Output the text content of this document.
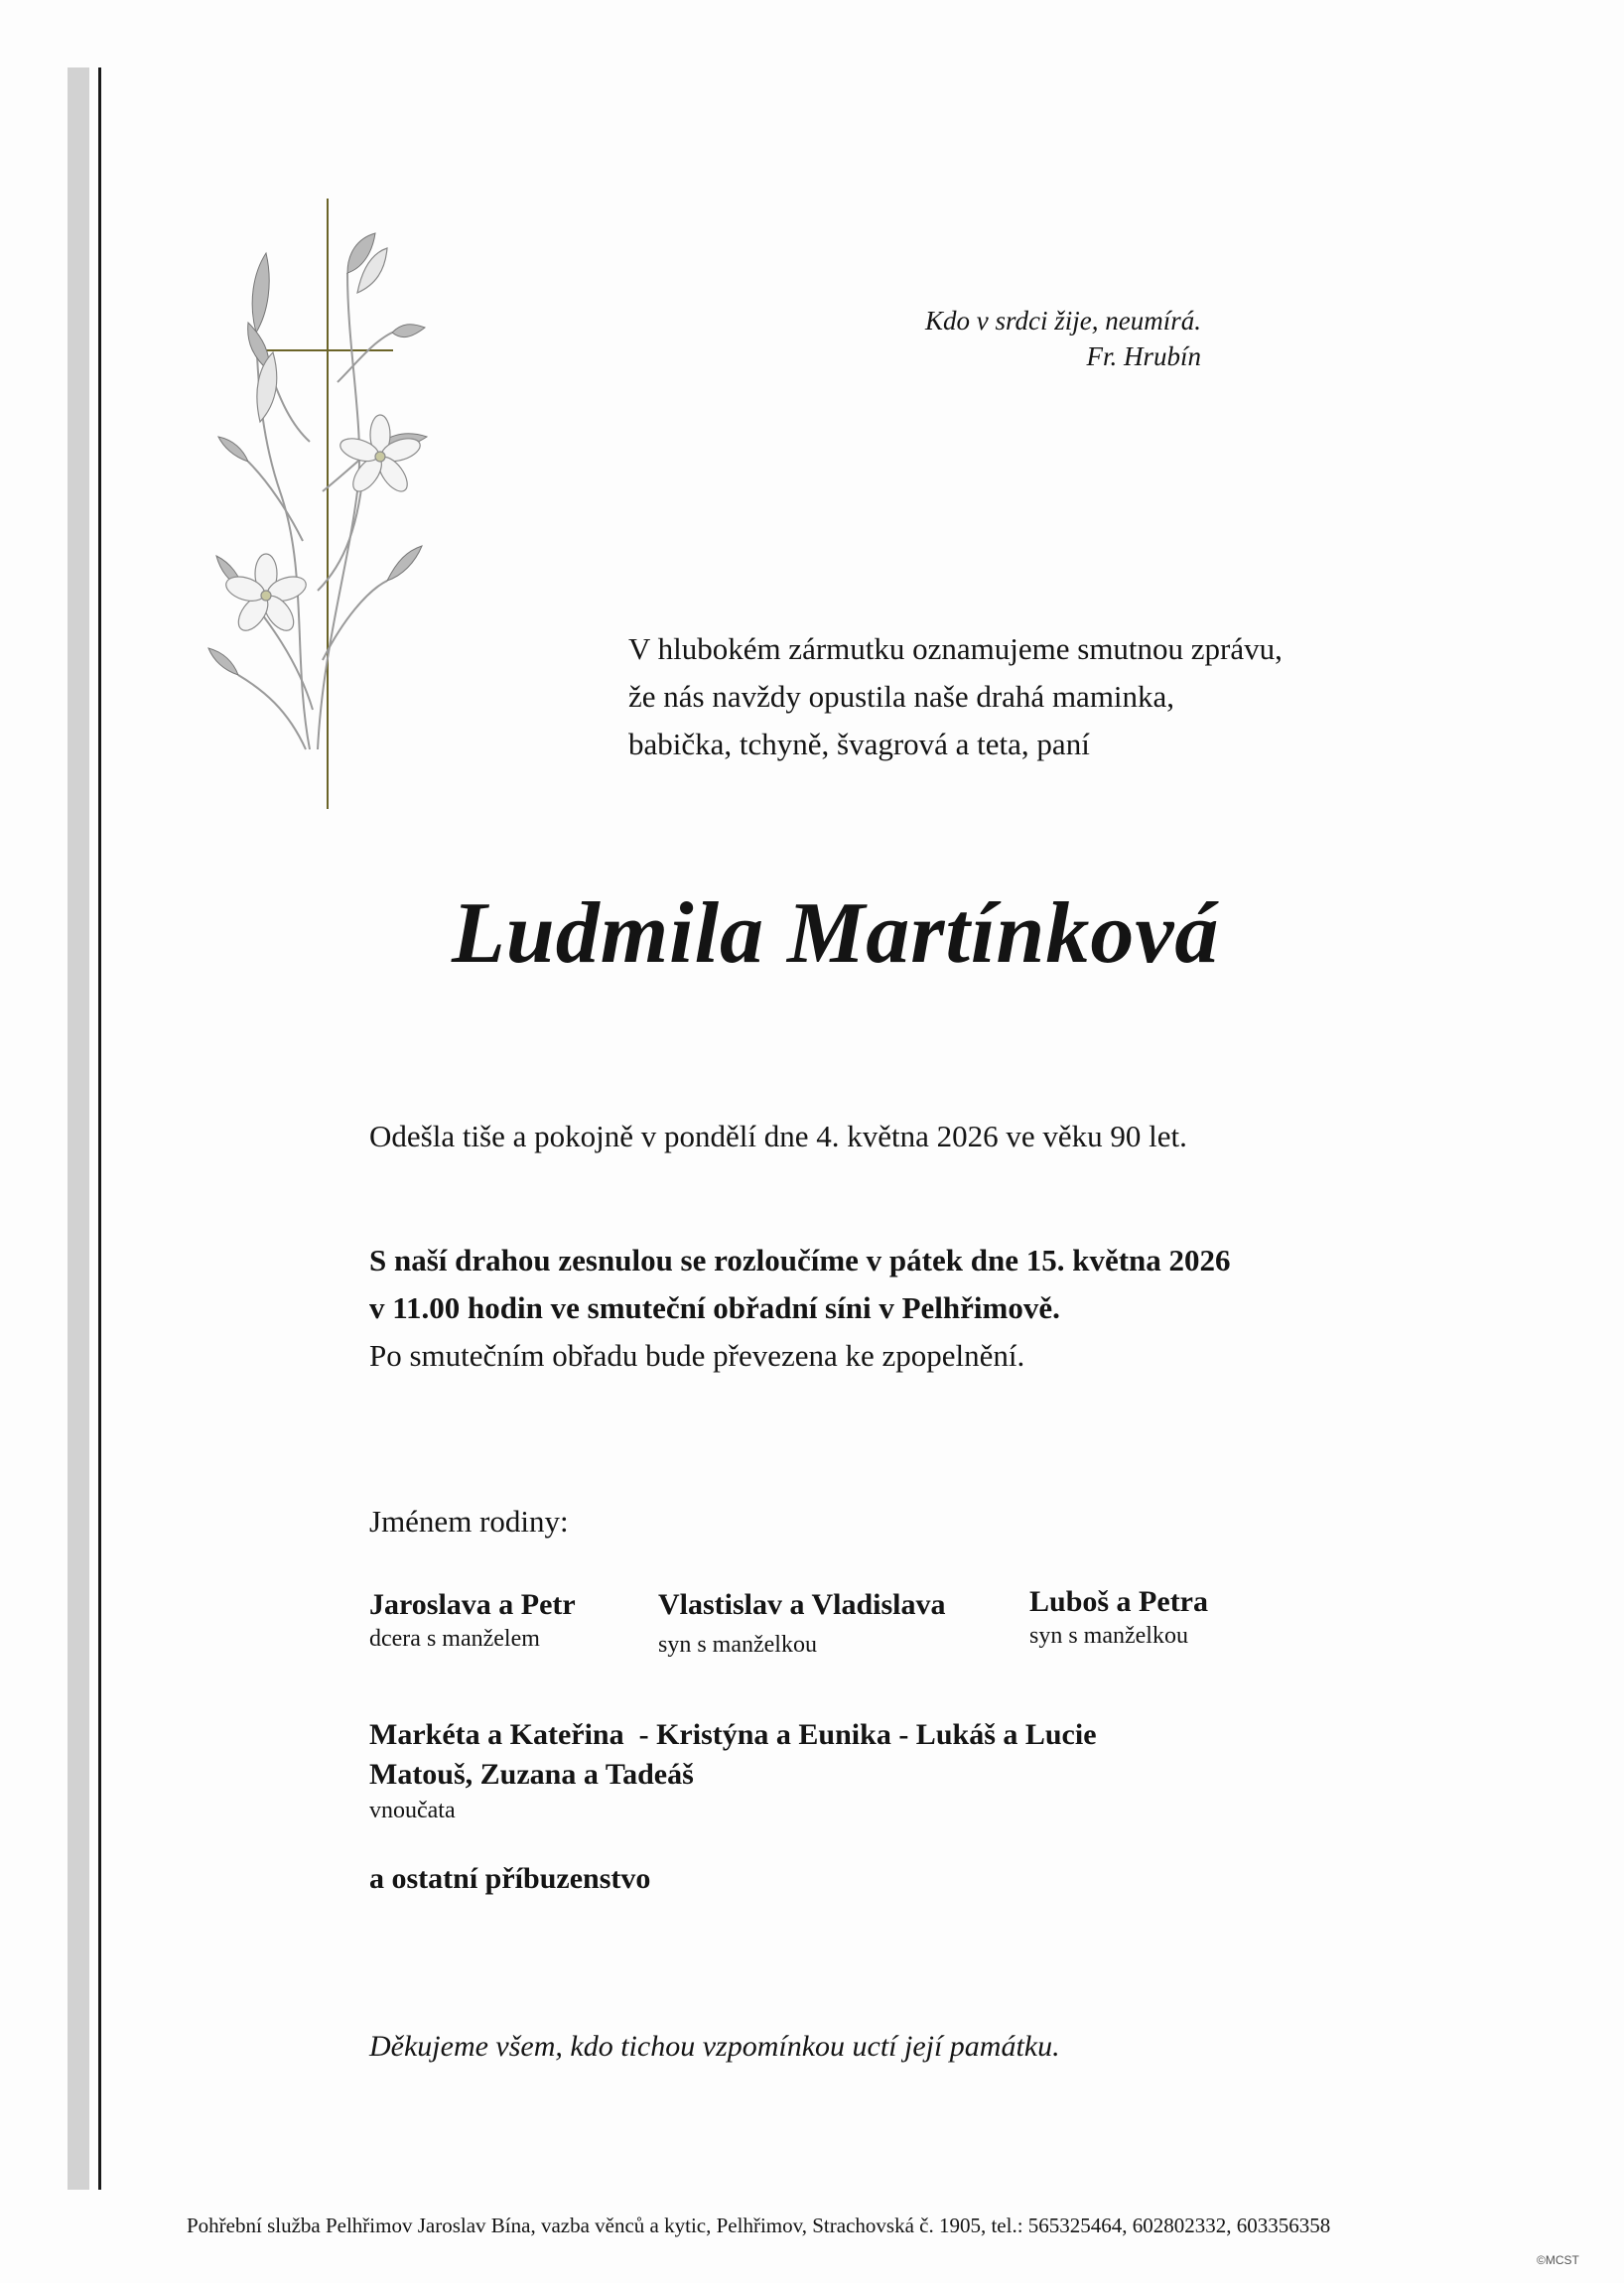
Kdo v srdci žije, neumírá.
Fr. Hrubín
V hlubokém zármutku oznamujeme smutnou zprávu,
že nás navždy opustila naše drahá maminka,
babička, tchyně, švagrová a teta, paní
Ludmila Martínková
Odešla tiše a pokojně v pondělí dne 4. května 2026 ve věku 90 let.
S naší drahou zesnulou se rozloučíme v pátek dne 15. května 2026
v 11.00 hodin ve smuteční obřadní síni v Pelhřimově.
Po smutečním obřadu bude převezena ke zpopelnění.
Jménem rodiny:
Jaroslava a Petr
dcera s manželem
Vlastislav a Vladislava
syn s manželkou
Luboš a Petra
syn s manželkou
Markéta a Kateřina  - Kristýna a Eunika - Lukáš a Lucie
Matouš, Zuzana a Tadeáš
vnoučata
a ostatní příbuzenstvo
Děkujeme všem, kdo tichou vzpomínkou uctí její památku.
Pohřební služba Pelhřimov Jaroslav Bína, vazba věnců a kytic, Pelhřimov, Strachovská č. 1905, tel.: 565325464, 602802332, 603356358
©MCST
